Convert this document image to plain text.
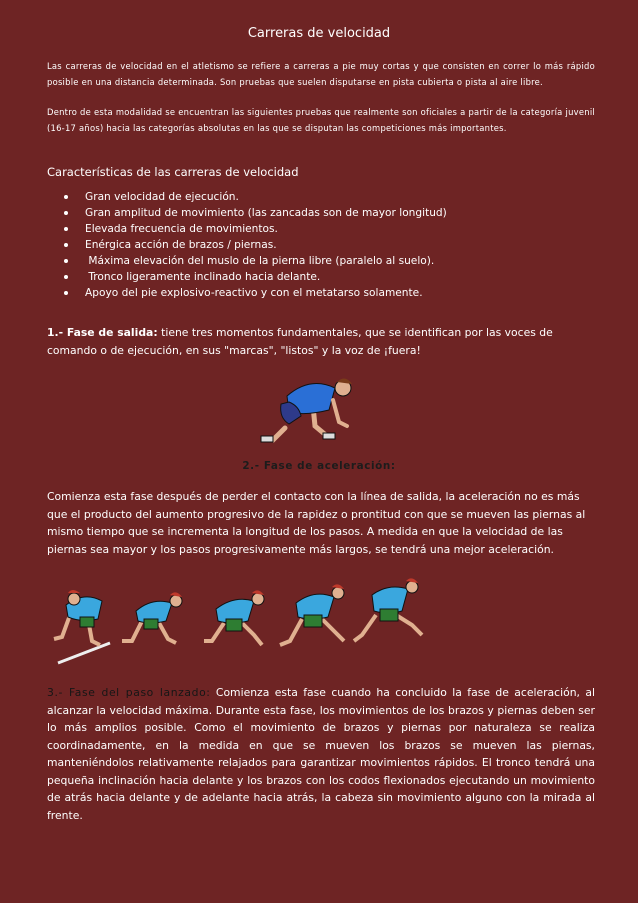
Carreras de velocidad

Las carreras de velocidad en el atletismo se refiere a carreras a pie muy cortas y que consisten en correr lo más rápido posible en una distancia determinada. Son pruebas que suelen disputarse en pista cubierta o pista al aire libre.

Dentro de esta modalidad se encuentran las siguientes pruebas que realmente son oficiales a partir de la categoría juvenil (16-17 años) hacia las categorías absolutas en las que se disputan las competiciones más importantes.

Características de las carreras de velocidad

Gran velocidad de ejecución.
Gran amplitud de movimiento (las zancadas son de mayor longitud)
Elevada frecuencia de movimientos.
Enérgica acción de brazos / piernas.
Máxima elevación del muslo de la pierna libre (paralelo al suelo).
Tronco ligeramente inclinado hacia delante.
Apoyo del pie explosivo-reactivo y con el metatarso solamente.

1.- Fase de salida: tiene tres momentos fundamentales, que se identifican por las voces de comando o de ejecución, en sus "marcas", "listos" y la voz de ¡fuera!

2.- Fase de aceleración:

Comienza esta fase después de perder el contacto con la línea de salida, la aceleración no es más que el producto del aumento progresivo de la rapidez o prontitud con que se mueven las piernas al mismo tiempo que se incrementa la longitud de los pasos. A medida en que la velocidad de las piernas sea mayor y los pasos progresivamente más largos, se tendrá una mejor aceleración.

3.- Fase del paso lanzado: Comienza esta fase cuando ha concluido la fase de aceleración, al alcanzar la velocidad máxima. Durante esta fase, los movimientos de los brazos y piernas deben ser lo más amplios posible. Como el movimiento de brazos y piernas por naturaleza se realiza coordinadamente, en la medida en que se mueven los brazos se mueven las piernas, manteniéndolos relativamente relajados para garantizar movimientos rápidos. El tronco tendrá una pequeña inclinación hacia delante y los brazos con los codos flexionados ejecutando un movimiento de atrás hacia delante y de adelante hacia atrás, la cabeza sin movimiento alguno con la mirada al frente.
